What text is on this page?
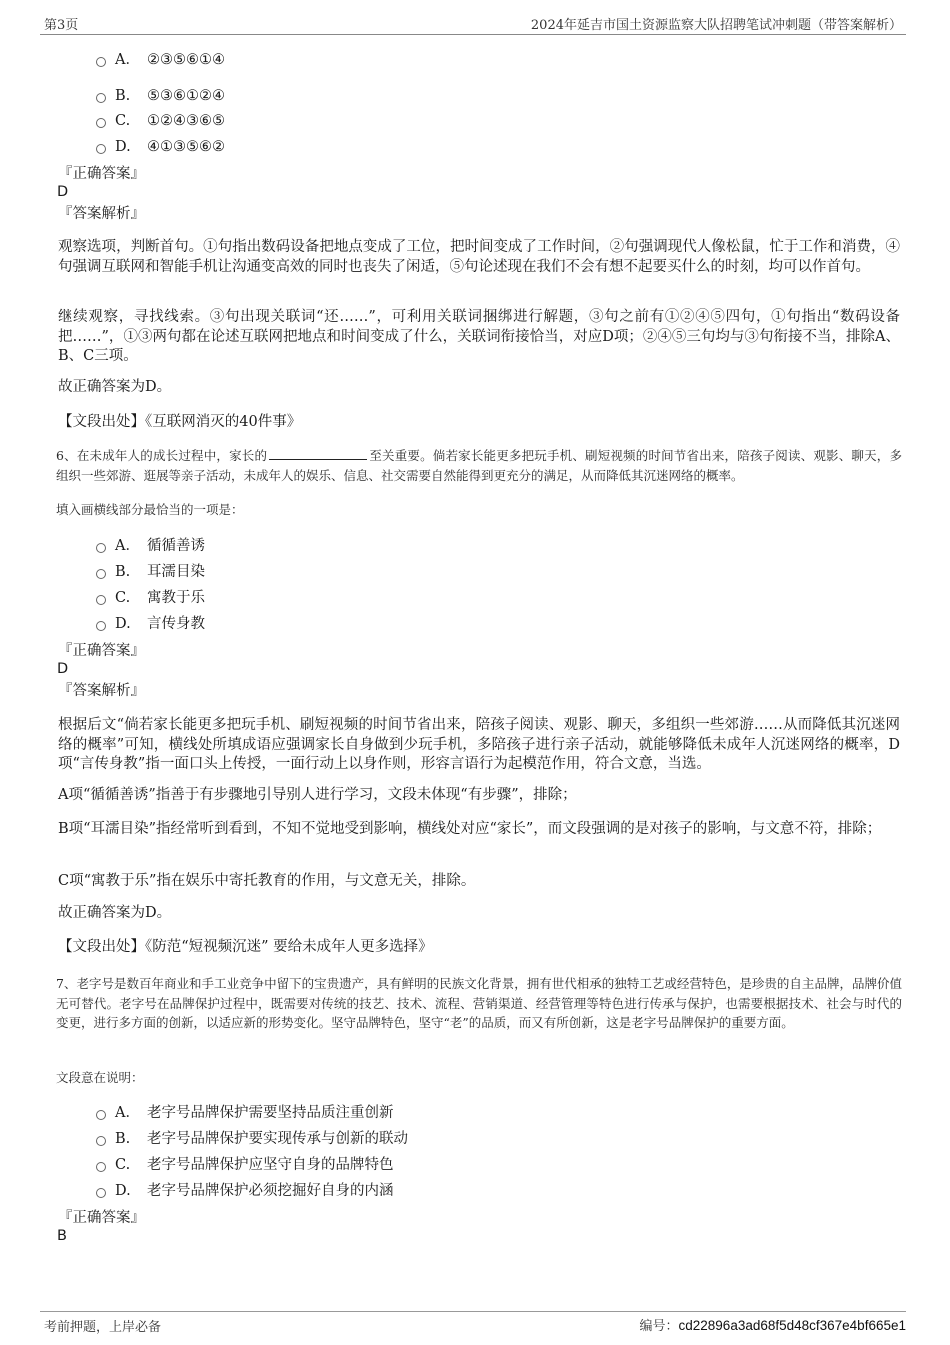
第3页	2024年延吉市国土资源监察大队招聘笔试冲刺题（带答案解析）
A． ②③⑤⑥①④
B. ⑤③⑥①②④
C. ①②④③⑥⑤
D. ④①③⑤⑥②
『正确答案』
D
『答案解析』
观察选项，判断首句。①句指出数码设备把地点变成了工位，把时间变成了工作时间，②句强调现代人像松鼠，忙于工作和消费，④句强调互联网和智能手机让沟通变高效的同时也丧失了闲适，⑤句论述现在我们不会有想不起要买什么的时刻，均可以作首句。
继续观察，寻找线索。③句出现关联词“还……”，可利用关联词捆绑进行解题，③句之前有①②④⑤四句，①句指出“数码设备把……”，①③两句都在论述互联网把地点和时间变成了什么，关联词衔接恰当，对应D项；②④⑤三句均与③句衔接不当，排除A、B、C三项。
故正确答案为D。
【文段出处】《互联网消灭的40件事》
6、在未成年人的成长过程中，家长的	至关重要。倘若家长能更多把玩手机、刷短视频的时间节省出来，陪孩子阅读、观影、聊天，多组织一些郊游、逛展等亲子活动，未成年人的娱乐、信息、社交需要自然能得到更充分的满足，从而降低其沉迷网络的概率。
填入画横线部分最恰当的一项是：
A． 循循善诱
B. 耳濡目染
C. 寓教于乐
D. 言传身教
『正确答案』
D
『答案解析』
根据后文“倘若家长能更多把玩手机、刷短视频的时间节省出来，陪孩子阅读、观影、聊天，多组织一些郊游……从而降低其沉迷网络的概率”可知，横线处所填成语应强调家长自身做到少玩手机，多陪孩子进行亲子活动，就能够降低未成年人沉迷网络的概率，D项“言传身教”指一面口头上传授，一面行动上以身作则，形容言语行为起模范作用，符合文意，当选。
A项“循循善诱”指善于有步骤地引导别人进行学习，文段未体现“有步骤”，排除；
B项“耳濡目染”指经常听到看到，不知不觉地受到影响，横线处对应“家长”，而文段强调的是对孩子的影响，与文意不符，排除；
C项“寓教于乐”指在娱乐中寄托教育的作用，与文意无关，排除。
故正确答案为D。
【文段出处】《防范“短视频沉迷” 要给未成年人更多选择》
7、老字号是数百年商业和手工业竞争中留下的宝贵遗产，具有鲜明的民族文化背景，拥有世代相承的独特工艺或经营特色，是珍贵的自主品牌，品牌价值无可替代。老字号在品牌保护过程中，既需要对传统的技艺、技术、流程、营销渠道、经营管理等特色进行传承与保护，也需要根据技术、社会与时代的变更，进行多方面的创新，以适应新的形势变化。坚守品牌特色，坚守“老”的品质，而又有所创新，这是老字号品牌保护的重要方面。
文段意在说明：
A． 老字号品牌保护需要坚持品质注重创新
B. 老字号品牌保护要实现传承与创新的联动
C. 老字号品牌保护应坚守自身的品牌特色
D. 老字号品牌保护必须挖掘好自身的内涵
『正确答案』
B
考前押题，上岸必备	编号：cd22896a3ad68f5d48cf367e4bf665e1
